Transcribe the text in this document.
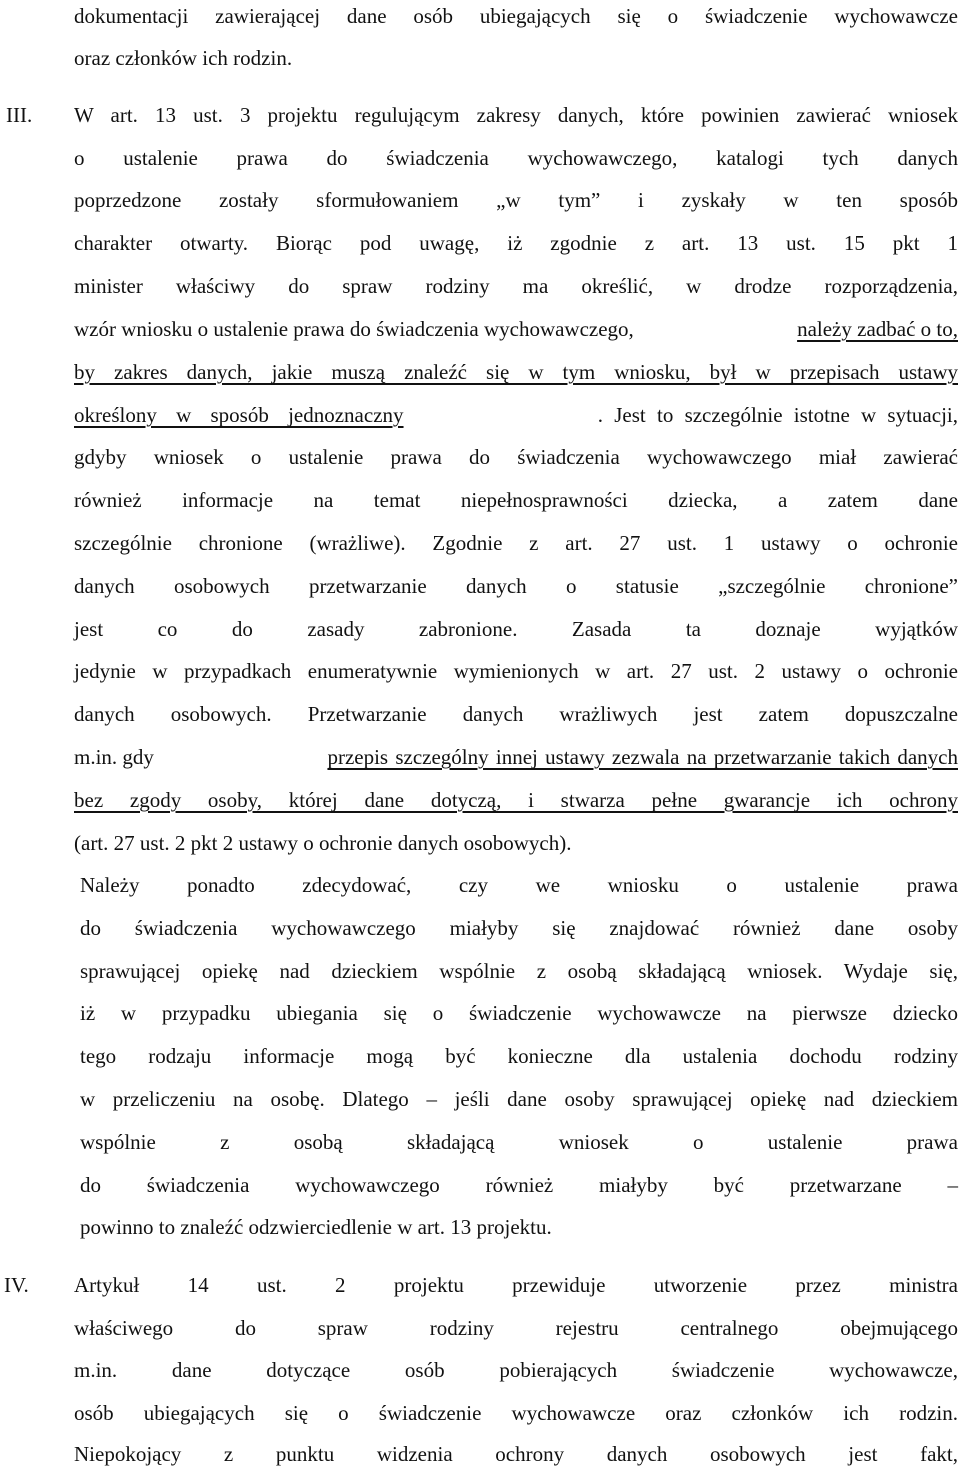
dokumentacji zawierającej dane osób ubiegających się o świadczenie wychowawcze
oraz członków ich rodzin.
III. W art. 13 ust. 3 projektu regulującym zakresy danych, które powinien zawierać wniosek
o ustalenie prawa do świadczenia wychowawczego, katalogi tych danych
poprzedzone zostały sformułowaniem „w tym” i zyskały w ten sposób
charakter otwarty. Biorąc pod uwagę, iż zgodnie z art. 13 ust. 15 pkt 1
minister właściwy do spraw rodziny ma określić, w drodze rozporządzenia,
wzór wniosku o ustalenie prawa do świadczenia wychowawczego,	należy zadbać o to,
by zakres danych, jakie muszą znaleźć się w tym wniosku, był w przepisach ustawy
określony w sposób jednoznaczny	. Jest to szczególnie istotne w sytuacji,
gdyby wniosek o ustalenie prawa do świadczenia wychowawczego miał zawierać
również informacje na temat niepełnosprawności dziecka, a zatem dane
szczególnie chronione (wrażliwe). Zgodnie z art. 27 ust. 1 ustawy o ochronie
danych osobowych przetwarzanie danych o statusie „szczególnie chronione”
jest co do zasady zabronione. Zasada ta doznaje wyjątków
jedynie w przypadkach enumeratywnie wymienionych w art. 27 ust. 2 ustawy o ochronie
danych osobowych. Przetwarzanie danych wrażliwych jest zatem dopuszczalne
m.in. gdy	przepis szczególny innej ustawy zezwala na przetwarzanie takich danych
bez zgody osoby, której dane dotyczą, i stwarza pełne gwarancje ich ochrony
(art. 27 ust. 2 pkt 2 ustawy o ochronie danych osobowych).
Należy ponadto zdecydować, czy we wniosku o ustalenie prawa
do świadczenia wychowawczego miałyby się znajdować również dane osoby
sprawującej opiekę nad dzieckiem wspólnie z osobą składającą wniosek. Wydaje się,
iż w przypadku ubiegania się o świadczenie wychowawcze na pierwsze dziecko
tego rodzaju informacje mogą być konieczne dla ustalenia dochodu rodziny
w przeliczeniu na osobę. Dlatego – jeśli dane osoby sprawującej opiekę nad dzieckiem
wspólnie z osobą składającą wniosek o ustalenie prawa
do świadczenia wychowawczego również miałyby być przetwarzane –
powinno to znaleźć odzwierciedlenie w art. 13 projektu.
IV. Artykuł 14 ust. 2 projektu przewiduje utworzenie przez ministra
właściwego do spraw rodziny rejestru centralnego obejmującego
m.in. dane dotyczące osób pobierających świadczenie wychowawcze,
osób ubiegających się o świadczenie wychowawcze oraz członków ich rodzin.
Niepokojący z punktu widzenia ochrony danych osobowych jest fakt,
